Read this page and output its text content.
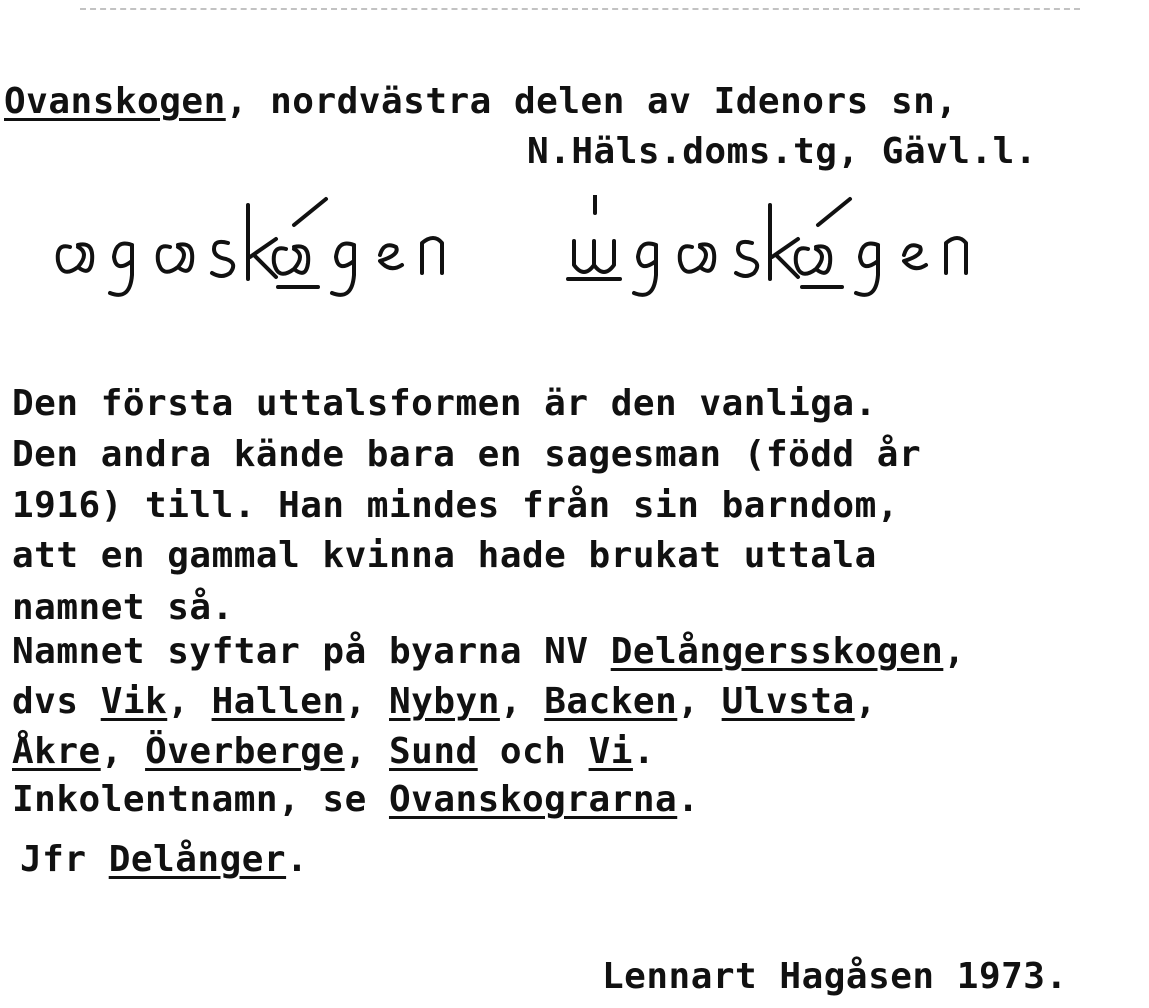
Ovanskogen, nordvästra delen av Idenors sn,
N.Häls.doms.tg, Gävl.l.
Den första uttalsformen är den vanliga.
Den andra kände bara en sagesman (född år
1916) till. Han mindes från sin barndom,
att en gammal kvinna hade brukat uttala
namnet så.
Namnet syftar på byarna NV Delångersskogen,
dvs Vik, Hallen, Nybyn, Backen, Ulvsta,
Åkre, Överberge, Sund och Vi.
Inkolentnamn, se Ovanskograrna.
Jfr Delånger.
Lennart Hagåsen 1973.
